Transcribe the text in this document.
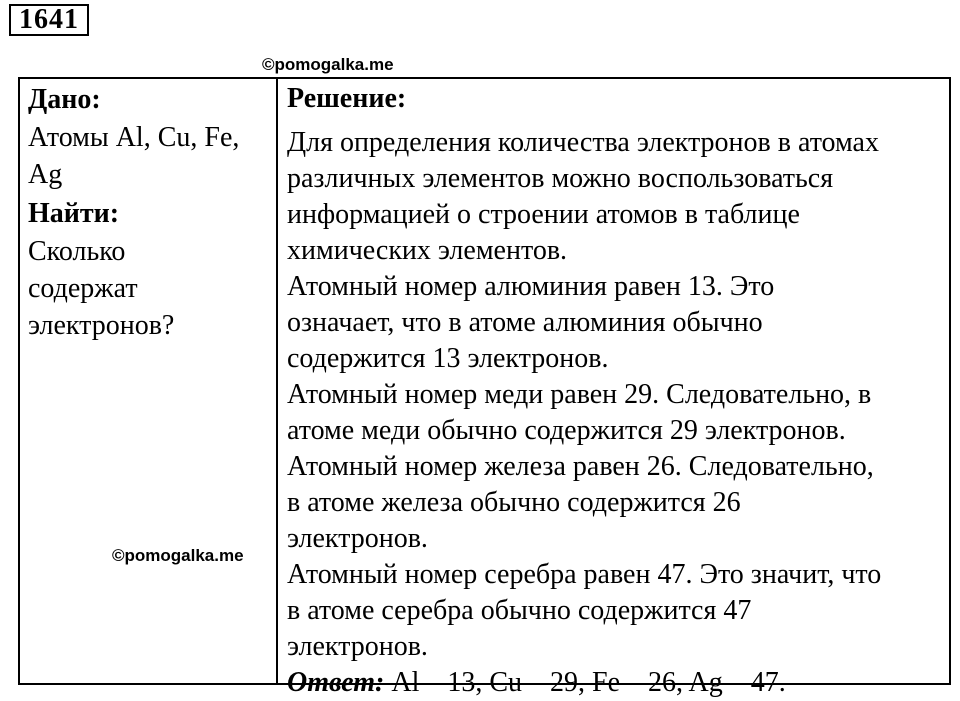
1641
©pomogalka.me
Дано:
Атомы Al, Cu, Fe,
Ag
Найти:
Сколько
содержат
электронов?
Решение:

Для определения количества электронов в атомах
различных элементов можно воспользоваться
информацией о строении атомов в таблице
химических элементов.

Атомный номер алюминия равен 13. Это
означает, что в атоме алюминия обычно
содержится 13 электронов.

Атомный номер меди равен 29. Следовательно, в
атоме меди обычно содержится 29 электронов.

Атомный номер железа равен 26. Следовательно,
в атоме железа обычно содержится 26
электронов.

Атомный номер серебра равен 47. Это значит, что
в атоме серебра обычно содержится 47
электронов.

Ответ: Al – 13, Cu – 29, Fe – 26, Ag – 47.

©pomogalka.me
